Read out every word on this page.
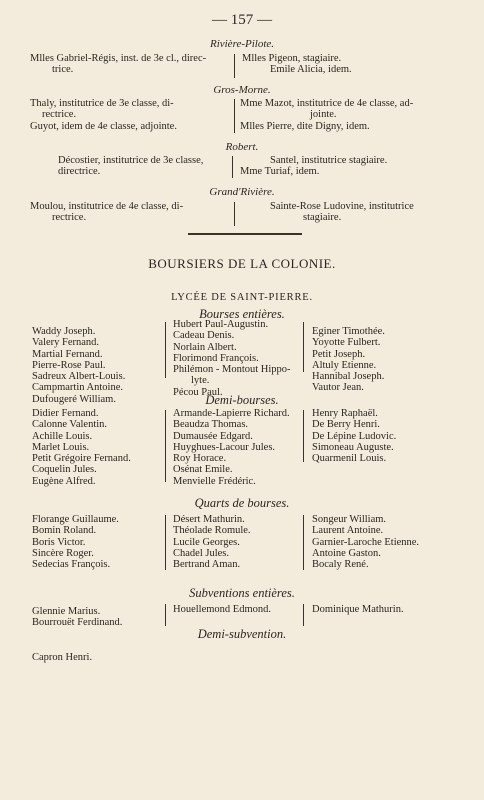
— 157 —
Rivière-Pilote.
Mlles Gabriel-Régis, inst. de 3e cl., direc-
trice.
Mlles Pigeon, stagiaire.
Emile Alicia, idem.
Gros-Morne.
Thaly, institutrice de 3e classe, di-
rectrice.
Guyot, idem de 4e classe, adjointe.
Mme Mazot, institutrice de 4e classe, ad-
jointe.
Mlles Pierre, dite Digny, idem.
Robert.
Décostier, institutrice de 3e classe,
directrice.
Santel, institutrice stagiaire.
Mme Turiaf, idem.
Grand'Rivière.
Moulou, institutrice de 4e classe, di-
rectrice.
Sainte-Rose Ludovine, institutrice
stagiaire.
BOURSIERS DE LA COLONIE.
LYCÉE DE SAINT-PIERRE.
Bourses entières.
Waddy Joseph.
Valery Fernand.
Martial Fernand.
Pierre-Rose Paul.
Sadreux Albert-Louis.
Campmartin Antoine.
Dufougeré William.
Hubert Paul-Augustin.
Cadeau Denis.
Norlain Albert.
Florimond François.
Philémon - Montout Hippo-
lyte.
Pécou Paul.
Eginer Timothée.
Yoyotte Fulbert.
Petit Joseph.
Altuly Etienne.
Hannibal Joseph.
Vautor Jean.
Demi-bourses.
Didier Fernand.
Calonne Valentin.
Achille Louis.
Marlet Louis.
Petit Grégoire Fernand.
Coquelin Jules.
Eugène Alfred.
Armande-Lapierre Richard.
Beaudza Thomas.
Dumausée Edgard.
Huyghues-Lacour Jules.
Roy Horace.
Osénat Emile.
Menvielle Frédéric.
Henry Raphaël.
De Berry Henri.
De Lépine Ludovic.
Simoneau Auguste.
Quarmenil Louis.
Quarts de bourses.
Florange Guillaume.
Bomin Roland.
Boris Victor.
Sincère Roger.
Sedecias François.
Désert Mathurin.
Théolade Romule.
Lucile Georges.
Chadel Jules.
Bertrand Aman.
Songeur William.
Laurent Antoine.
Garnier-Laroche Etienne.
Antoine Gaston.
Bocaly René.
Subventions entières.
Glennie Marius.
Bourrouët Ferdinand.
Houellemond Edmond.	Dominique Mathurin.
Demi-subvention.
Capron Henri.
